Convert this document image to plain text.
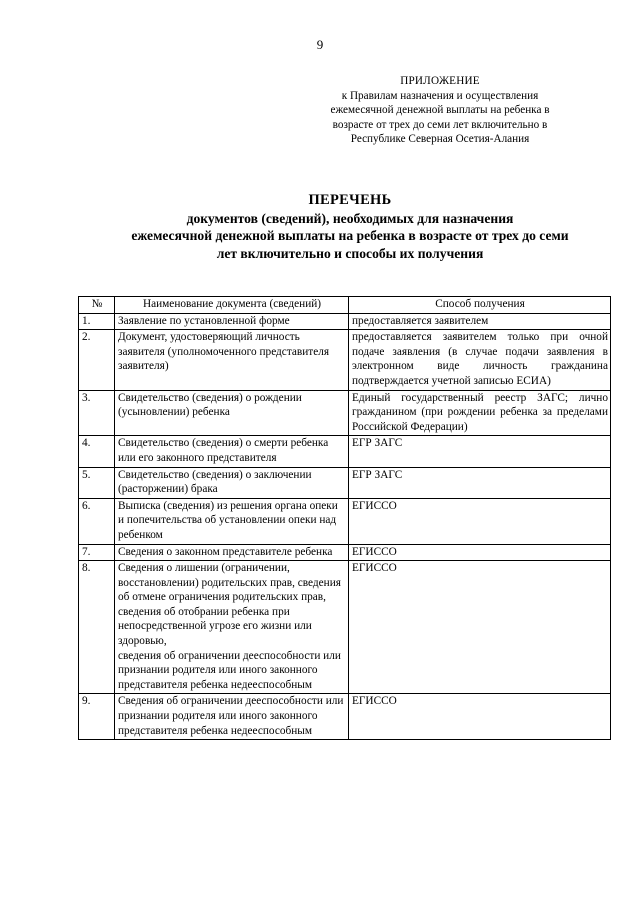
9
ПРИЛОЖЕНИЕ
к Правилам назначения и осуществления
ежемесячной денежной выплаты на ребенка в
возрасте от трех до семи лет включительно в
Республике Северная Осетия-Алания
ПЕРЕЧЕНЬ
документов (сведений), необходимых для назначения
ежемесячной денежной выплаты на ребенка в возрасте от трех до семи
лет включительно и способы их получения
№	Наименование документа (сведений)	Способ получения
1.	Заявление по установленной форме	предоставляется заявителем
2.	Документ, удостоверяющий личность заявителя (уполномоченного представителя заявителя)	предоставляется заявителем только при очной подаче заявления (в случае подачи заявления в электронном виде личность гражданина подтверждается учетной записью ЕСИА)
3.	Свидетельство (сведения) о рождении (усыновлении) ребенка	Единый государственный реестр ЗАГС; лично гражданином (при рождении ребенка за пределами Российской Федерации)
4.	Свидетельство (сведения) о смерти ребенка или его законного представителя	ЕГР ЗАГС
5.	Свидетельство (сведения) о заключении (расторжении) брака	ЕГР ЗАГС
6.	Выписка (сведения) из решения органа опеки и попечительства об установлении опеки над ребенком	ЕГИССО
7.	Сведения о законном представителе ребенка	ЕГИССО
8.	Сведения о лишении (ограничении, восстановлении) родительских прав, сведения об отмене ограничения родительских прав, сведения об отобрании ребенка при непосредственной угрозе его жизни или здоровью,
сведения об ограничении дееспособности или признании родителя или иного законного представителя ребенка недееспособным	ЕГИССО
9.	Сведения об ограничении дееспособности или признании родителя или иного законного представителя ребенка недееспособным	ЕГИССО
